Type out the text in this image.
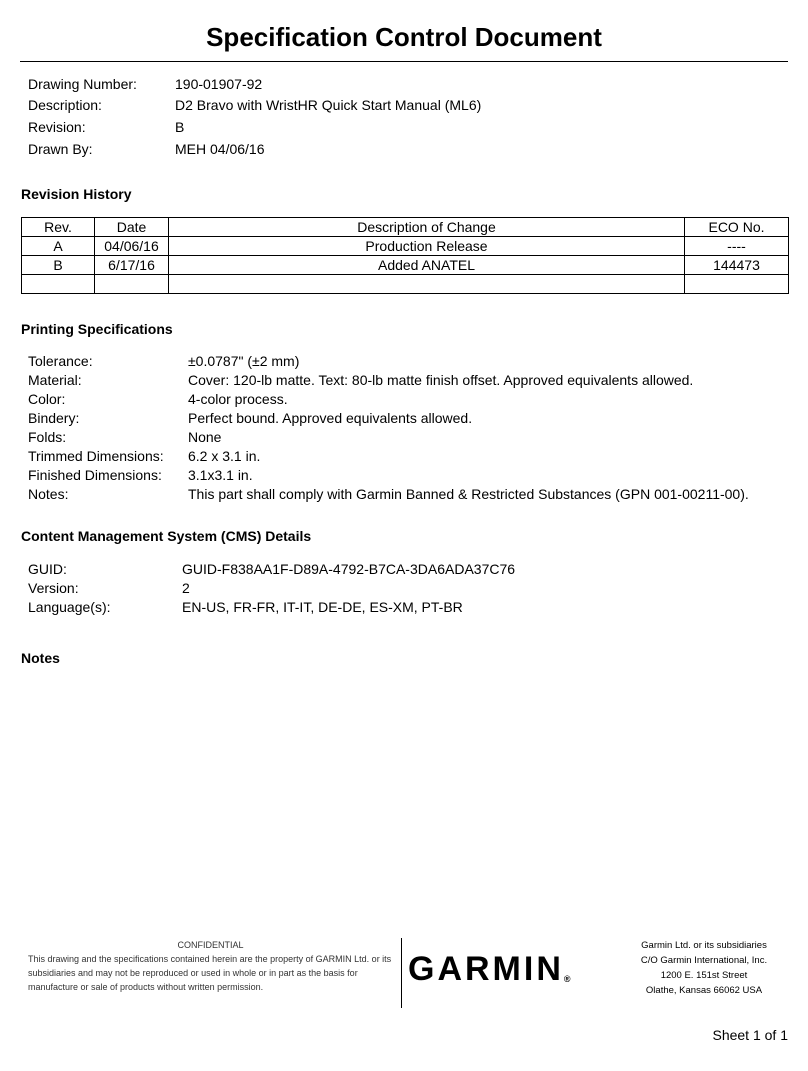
Specification Control Document
Drawing Number:	190-01907-92
Description:	D2 Bravo with WristHR Quick Start Manual (ML6)
Revision:	B
Drawn By:	MEH 04/06/16
Revision History
Rev.	Date	Description of Change	ECO No.
A	04/06/16	Production Release	----
B	6/17/16	Added ANATEL	144473

Printing Specifications
Tolerance:	±0.0787" (±2 mm)
Material:	Cover: 120-lb matte. Text: 80-lb matte finish offset. Approved equivalents allowed.
Color:	4-color process.
Bindery:	Perfect bound. Approved equivalents allowed.
Folds:	None
Trimmed Dimensions: 6.2 x 3.1 in.
Finished Dimensions: 3.1x3.1 in.
Notes:	This part shall comply with Garmin Banned & Restricted Substances (GPN 001-00211-00).
Content Management System (CMS) Details
GUID:	GUID-F838AA1F-D89A-4792-B7CA-3DA6ADA37C76
Version:	2
Language(s):	EN-US, FR-FR, IT-IT, DE-DE, ES-XM, PT-BR
Notes
CONFIDENTIAL
This drawing and the specifications contained herein are the property of GARMIN Ltd. or its subsidiaries and may not be reproduced or used in whole or in part as the basis for manufacture or sale of products without written permission.	GARMIN®
Garmin Ltd. or its subsidiaries
C/O Garmin International, Inc.
1200 E. 151st Street
Olathe, Kansas 66062 USA
Sheet 1 of 1
